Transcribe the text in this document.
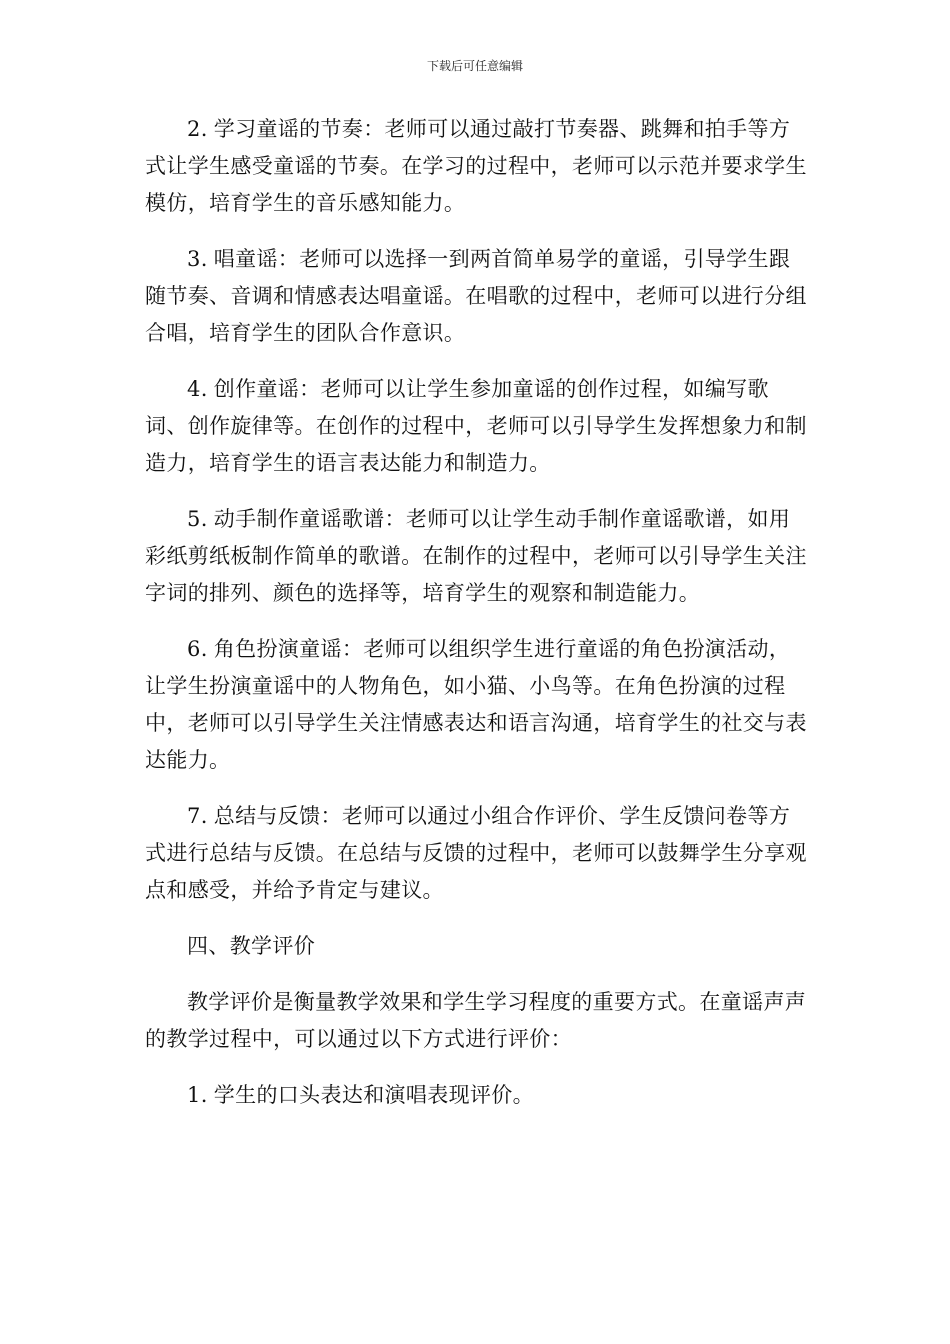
下载后可任意编辑

2. 学习童谣的节奏：老师可以通过敲打节奏器、跳舞和拍手等方式让学生感受童谣的节奏。在学习的过程中，老师可以示范并要求学生模仿，培育学生的音乐感知能力。

3. 唱童谣：老师可以选择一到两首简单易学的童谣，引导学生跟随节奏、音调和情感表达唱童谣。在唱歌的过程中，老师可以进行分组合唱，培育学生的团队合作意识。

4. 创作童谣：老师可以让学生参加童谣的创作过程，如编写歌词、创作旋律等。在创作的过程中，老师可以引导学生发挥想象力和制造力，培育学生的语言表达能力和制造力。

5. 动手制作童谣歌谱：老师可以让学生动手制作童谣歌谱，如用彩纸剪纸板制作简单的歌谱。在制作的过程中，老师可以引导学生关注字词的排列、颜色的选择等，培育学生的观察和制造能力。

6. 角色扮演童谣：老师可以组织学生进行童谣的角色扮演活动，让学生扮演童谣中的人物角色，如小猫、小鸟等。在角色扮演的过程中，老师可以引导学生关注情感表达和语言沟通，培育学生的社交与表达能力。

7. 总结与反馈：老师可以通过小组合作评价、学生反馈问卷等方式进行总结与反馈。在总结与反馈的过程中，老师可以鼓舞学生分享观点和感受，并给予肯定与建议。

四、教学评价

教学评价是衡量教学效果和学生学习程度的重要方式。在童谣声声的教学过程中，可以通过以下方式进行评价：

1. 学生的口头表达和演唱表现评价。
